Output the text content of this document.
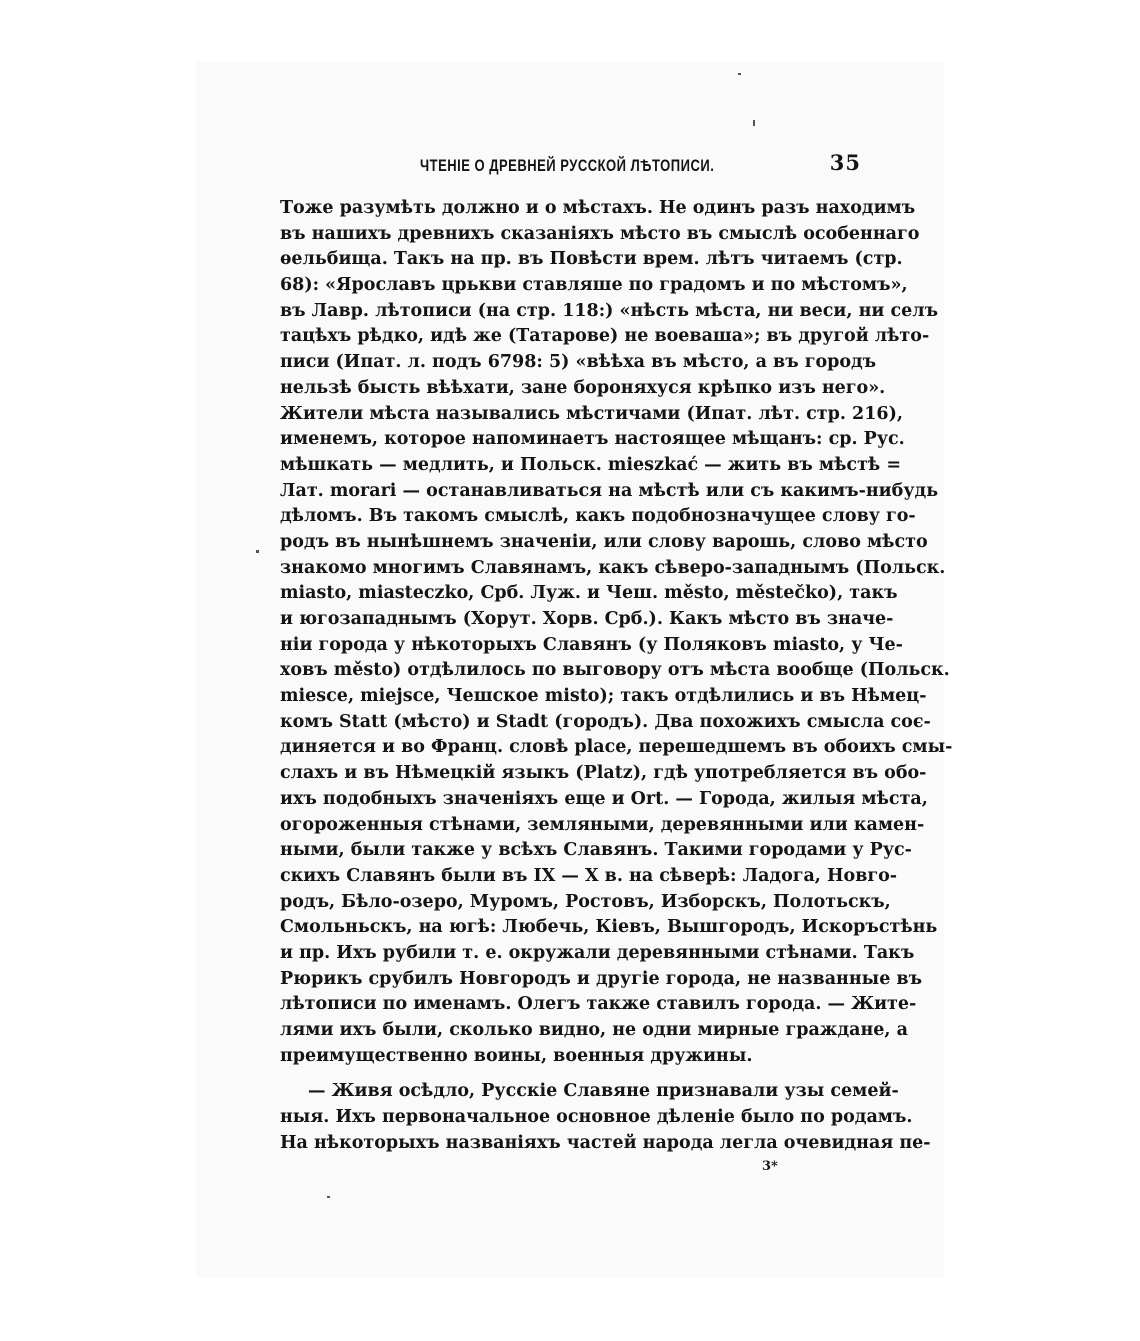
ЧТЕНІЕ О ДРЕВНЕЙ РУССКОЙ ЛѢТОПИСИ.	35
Тоже разумѣть должно и о мѣстахъ. Не одинъ разъ находимъ
въ нашихъ древнихъ сказаніяхъ мѣсто въ смыслѣ особеннаго
ѳельбища. Такъ на пр. въ Повѣсти врем. лѣтъ читаемъ (стр.
68): «Ярославъ црькви ставляше по градомъ и по мѣстомъ»,
въ Лавр. лѣтописи (на стр. 118:) «нѣсть мѣста, ни веси, ни селъ
тацѣхъ рѣдко, идѣ же (Татарове) не воеваша»; въ другой лѣто-
писи (Ипат. л. подъ 6798: 5) «вѣѣха въ мѣсто, а въ городъ
нельзѣ бысть вѣѣхати, зане бороняхуся крѣпко изъ него».
Жители мѣста назывались мѣстичами (Ипат. лѣт. стр. 216),
именемъ, которое напоминаетъ настоящее мѣщанъ: ср. Рус.
мѣшкать — медлить, и Польск. mieszkać — жить въ мѣстѣ =
Лат. morari — останавливаться на мѣстѣ или съ какимъ-нибудь
дѣломъ. Въ такомъ смыслѣ, какъ подобнозначущее слову го-
родъ въ нынѣшнемъ значеніи, или слову варошь, слово мѣсто
знакомо многимъ Славянамъ, какъ сѣверо-западнымъ (Польск.
miasto, miasteczko, Срб. Луж. и Чеш. město, městečko), такъ
и югозападнымъ (Хорут. Хорв. Срб.). Какъ мѣсто въ значе-
ніи города у нѣкоторыхъ Славянъ (у Поляковъ miasto, у Че-
ховъ město) отдѣлилось по выговору отъ мѣста вообще (Польск.
miesce, miejsce, Чешское misto); такъ отдѣлились и въ Нѣмец-
комъ Statt (мѣсто) и Stadt (городъ). Два похожихъ смысла соє-
диняется и во Франц. словѣ place, перешедшемъ въ обоихъ смы-
слахъ и въ Нѣмецкій языкъ (Platz), гдѣ употребляется въ обо-
ихъ подобныхъ значеніяхъ еще и Ort. — Города, жилыя мѣста,
огороженныя стѣнами, земляными, деревянными или камен-
ными, были также у всѣхъ Славянъ. Такими городами у Рус-
скихъ Славянъ были въ IX — X в. на сѣверѣ: Ладога, Новго-
родъ, Бѣло-озеро, Муромъ, Ростовъ, Изборскъ, Полотьскъ,
Смольньскъ, на югѣ: Любечь, Кіевъ, Вышгородъ, Искоръстѣнь
и пр. Ихъ рубили т. е. окружали деревянными стѣнами. Такъ
Рюрикъ срубилъ Новгородъ и другіе города, не названные въ
лѣтописи по именамъ. Олегъ также ставилъ города. — Жите-
лями ихъ были, сколько видно, не одни мирные граждане, а
преимущественно воины, военныя дружины.
— Живя осѣдло, Русскіе Славяне признавали узы семей-
ныя. Ихъ первоначальное основное дѣленіе было по родамъ.
На нѣкоторыхъ названіяхъ частей народа легла очевидная пе-
3*
